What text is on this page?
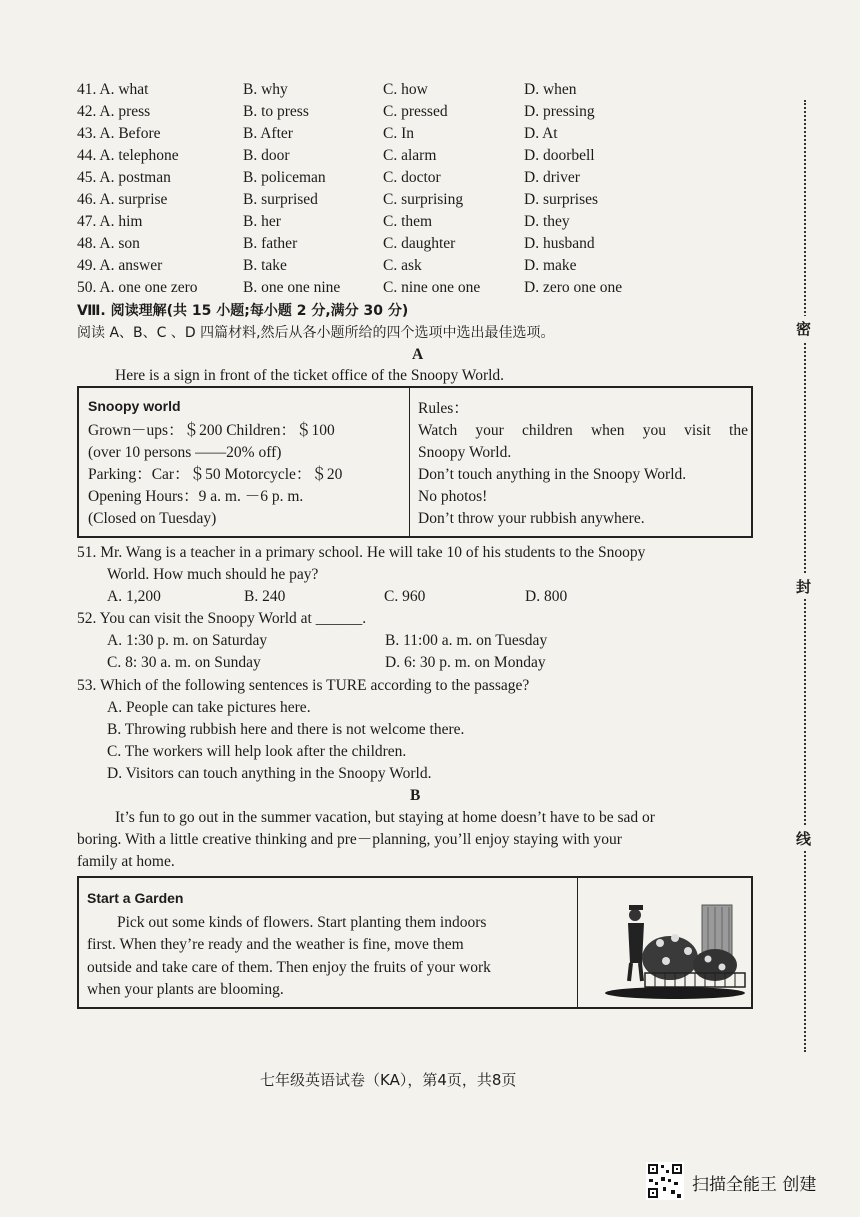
41. A. what	B. why	C. how	D. when
42. A. press	B. to press	C. pressed	D. pressing
43. A. Before	B. After	C. In	D. At
44. A. telephone	B. door	C. alarm	D. doorbell
45. A. postman	B. policeman	C. doctor	D. driver
46. A. surprise	B. surprised	C. surprising	D. surprises
47. A. him	B. her	C. them	D. they
48. A. son	B. father	C. daughter	D. husband
49. A. answer	B. take	C. ask	D. make
50. A. one one zero	B. one one nine	C. nine one one	D. zero one one
Ⅷ. 阅读理解(共 15 小题;每小题 2 分,满分 30 分)
阅读 A、B、C 、D 四篇材料,然后从各小题所给的四个选项中选出最佳选项。
A
Here is a sign in front of the ticket office of the Snoopy World.
Snoopy world
Grown－ups：＄200 Children：＄100
(over 10 persons ——20% off)
Parking：Car：＄50 Motorcycle：＄20
Opening Hours：9 a. m. －6 p. m.
(Closed on Tuesday)
Rules：
Watch your children when you visit the
Snoopy World.
Don’t touch anything in the Snoopy World.
No photos!
Don’t throw your rubbish anywhere.
51. Mr. Wang is a teacher in a primary school. He will take 10 of his students to the Snoopy
World. How much should he pay?
A. 1,200	B. 240	C. 960	D. 800
52. You can visit the Snoopy World at ______.
A. 1:30 p. m. on Saturday	B. 11:00 a. m. on Tuesday
C. 8: 30 a. m. on Sunday	D. 6: 30 p. m. on Monday
53. Which of the following sentences is TURE according to the passage?
A. People can take pictures here.
B. Throwing rubbish here and there is not welcome there.
C. The workers will help look after the children.
D. Visitors can touch anything in the Snoopy World.
B
It’s fun to go out in the summer vacation, but staying at home doesn’t have to be sad or
boring. With a little creative thinking and pre－planning, you’ll enjoy staying with your
family at home.
Start a Garden
Pick out some kinds of flowers. Start planting them indoors
first. When they’re ready and the weather is fine, move them
outside and take care of them. Then enjoy the fruits of your work
when your plants are blooming.
七年级英语试卷（KA），第4页，共8页
密
封
线
扫描全能王 创建
